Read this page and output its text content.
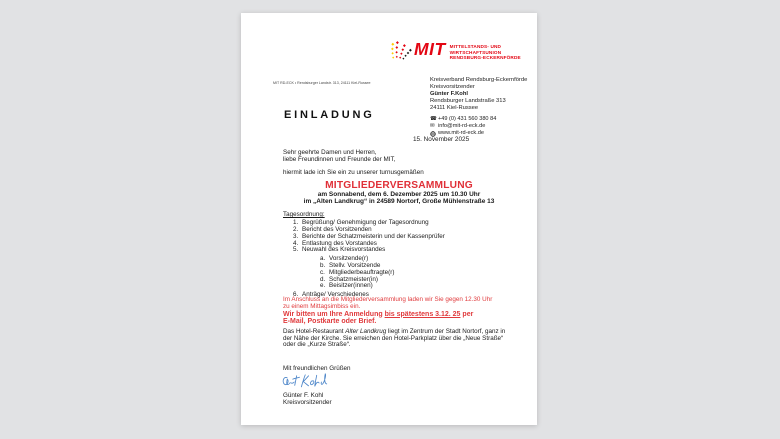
MIT MITTELSTANDS- UND
WIRTSCHAFTSUNION
RENDSBURG-ECKERNFÖRDE
MIT RD-ECK • Rendsburger Landstr. 313, 24111 Kiel-Russee
EINLADUNG
Kreisverband Rendsburg-Eckernförde
Kreisvorsitzender
Günter F.Kohl
Rendsburger Landstraße 313
24111 Kiel-Russee
☎ +49 (0) 431 560 380 84
✉ info@mit-rd-eck.de
www.mit-rd-eck.de
15. November 2025
Sehr geehrte Damen und Herren,
liebe Freundinnen und Freunde der MIT,
hiermit lade ich Sie ein zu unserer turnusgemäßen
MITGLIEDERVERSAMMLUNG
am Sonnabend, dem 6. Dezember 2025 um 10.30 Uhr
im „Alten Landkrug“ in 24589 Nortorf, Große Mühlenstraße 13
Tagesordnung:
1. Begrüßung/ Genehmigung der Tagesordnung
2. Bericht des Vorsitzenden
3. Berichte der Schatzmeisterin und der Kassenprüfer
4. Entlastung des Vorstandes
5. Neuwahl des Kreisvorstandes
a. Vorsitzende(r)
b. Stellv. Vorsitzende
c. Mitgliederbeauftragte(r)
d. Schatzmeister(in)
e. Beisitzer(innen)
6. Anträge/ Verschiedenes
Im Anschluss an die Mitgliederversammlung laden wir Sie gegen 12.30 Uhr
zu einem Mittagsimbiss ein.
Wir bitten um Ihre Anmeldung bis spätestens 3.12. 25 per
E-Mail, Postkarte oder Brief.
Das Hotel-Restaurant Alter Landkrug liegt im Zentrum der Stadt Nortorf, ganz in der Nähe der Kirche. Sie erreichen den Hotel-Parkplatz über die „Neue Straße“ oder die „Kurze Straße“.
Mit freundlichen Grüßen
Günter F. Kohl
Kreisvorsitzender
